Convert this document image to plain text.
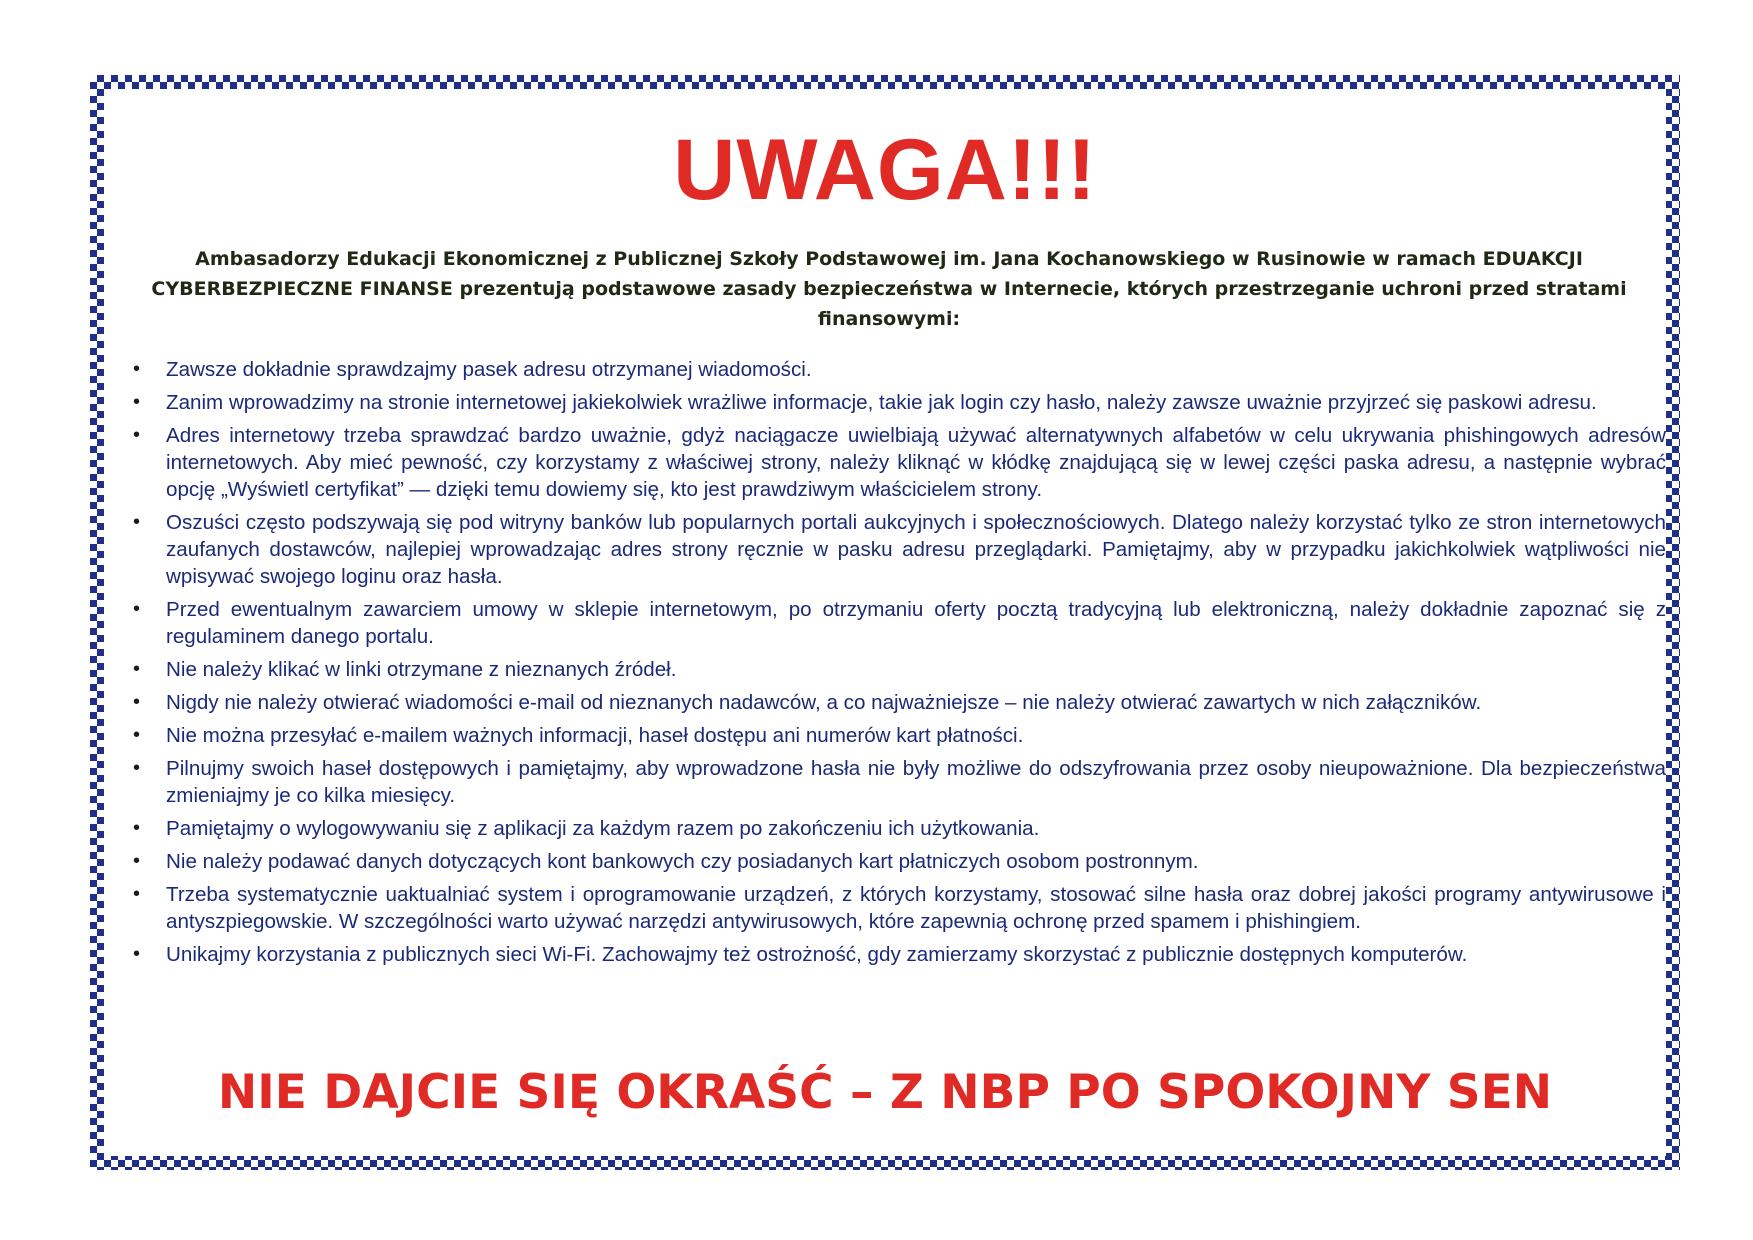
UWAGA!!!
Ambasadorzy Edukacji Ekonomicznej z Publicznej Szkoły Podstawowej im. Jana Kochanowskiego w Rusinowie w ramach EDUAKCJI CYBERBEZPIECZNE FINANSE prezentują podstawowe zasady bezpieczeństwa w Internecie, których przestrzeganie uchroni przed stratami finansowymi:
• Zawsze dokładnie sprawdzajmy pasek adresu otrzymanej wiadomości.
• Zanim wprowadzimy na stronie internetowej jakiekolwiek wrażliwe informacje, takie jak login czy hasło, należy zawsze uważnie przyjrzeć się paskowi adresu.
• Adres internetowy trzeba sprawdzać bardzo uważnie, gdyż naciągacze uwielbiają używać alternatywnych alfabetów w celu ukrywania phishingowych adresów internetowych. Aby mieć pewność, czy korzystamy z właściwej strony, należy kliknąć w kłódkę znajdującą się w lewej części paska adresu, a następnie wybrać opcję „Wyświetl certyfikat” — dzięki temu dowiemy się, kto jest prawdziwym właścicielem strony.
• Oszuści często podszywają się pod witryny banków lub popularnych portali aukcyjnych i społecznościowych. Dlatego należy korzystać tylko ze stron internetowych zaufanych dostawców, najlepiej wprowadzając adres strony ręcznie w pasku adresu przeglądarki. Pamiętajmy, aby w przypadku jakichkolwiek wątpliwości nie wpisywać swojego loginu oraz hasła.
• Przed ewentualnym zawarciem umowy w sklepie internetowym, po otrzymaniu oferty pocztą tradycyjną lub elektroniczną, należy dokładnie zapoznać się z regulaminem danego portalu.
• Nie należy klikać w linki otrzymane z nieznanych źródeł.
• Nigdy nie należy otwierać wiadomości e-mail od nieznanych nadawców, a co najważniejsze – nie należy otwierać zawartych w nich załączników.
• Nie można przesyłać e-mailem ważnych informacji, haseł dostępu ani numerów kart płatności.
• Pilnujmy swoich haseł dostępowych i pamiętajmy, aby wprowadzone hasła nie były możliwe do odszyfrowania przez osoby nieupoważnione. Dla bezpieczeństwa zmieniajmy je co kilka miesięcy.
• Pamiętajmy o wylogowywaniu się z aplikacji za każdym razem po zakończeniu ich użytkowania.
• Nie należy podawać danych dotyczących kont bankowych czy posiadanych kart płatniczych osobom postronnym.
• Trzeba systematycznie uaktualniać system i oprogramowanie urządzeń, z których korzystamy, stosować silne hasła oraz dobrej jakości programy antywirusowe i antyszpiegowskie. W szczególności warto używać narzędzi antywirusowych, które zapewnią ochronę przed spamem i phishingiem.
• Unikajmy korzystania z publicznych sieci Wi-Fi. Zachowajmy też ostrożność, gdy zamierzamy skorzystać z publicznie dostępnych komputerów.
NIE DAJCIE SIĘ OKRAŚĆ – Z NBP PO SPOKOJNY SEN
